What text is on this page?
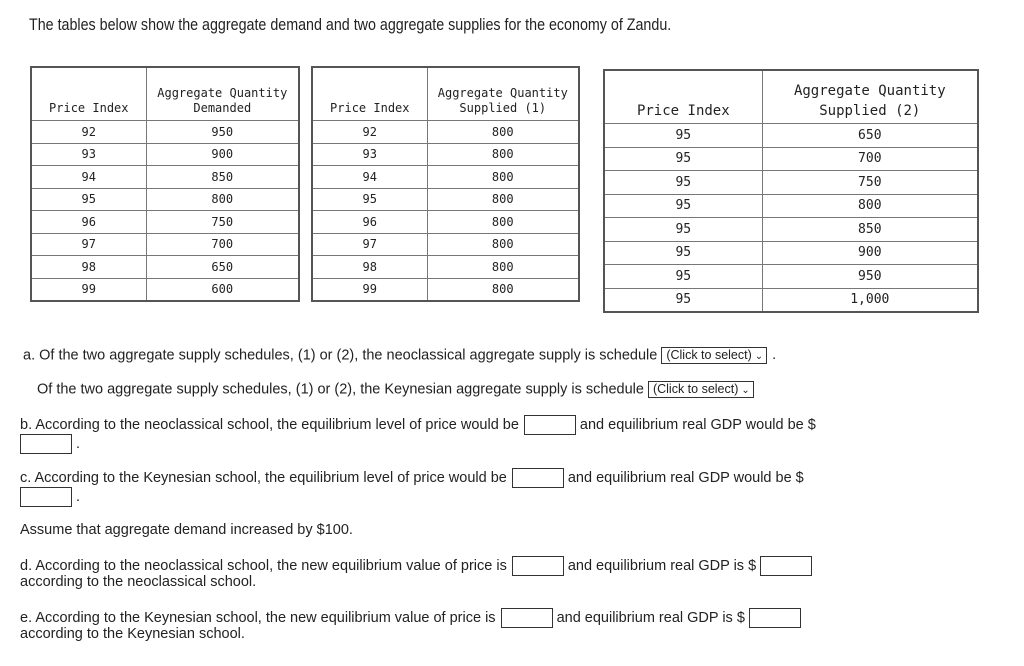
The tables below show the aggregate demand and two aggregate supplies for the economy of Zandu.
Price Index	Aggregate Quantity
Demanded
92	950
93	900
94	850
95	800
96	750
97	700
98	650
99	600
Price Index	Aggregate Quantity
Supplied (1)
92	800
93	800
94	800
95	800
96	800
97	800
98	800
99	800
Price Index	Aggregate Quantity
Supplied (2)
95	650
95	700
95	750
95	800
95	850
95	900
95	950
95	1,000
a. Of the two aggregate supply schedules, (1) or (2), the neoclassical aggregate supply is schedule (Click to select) ⌄ .
Of the two aggregate supply schedules, (1) or (2), the Keynesian aggregate supply is schedule (Click to select) ⌄
b. According to the neoclassical school, the equilibrium level of price would be	and equilibrium real GDP would be $
.
c. According to the Keynesian school, the equilibrium level of price would be	and equilibrium real GDP would be $
.
Assume that aggregate demand increased by $100.
d. According to the neoclassical school, the new equilibrium value of price is	and equilibrium real GDP is $
according to the neoclassical school.
e. According to the Keynesian school, the new equilibrium value of price is	and equilibrium real GDP is $
according to the Keynesian school.
